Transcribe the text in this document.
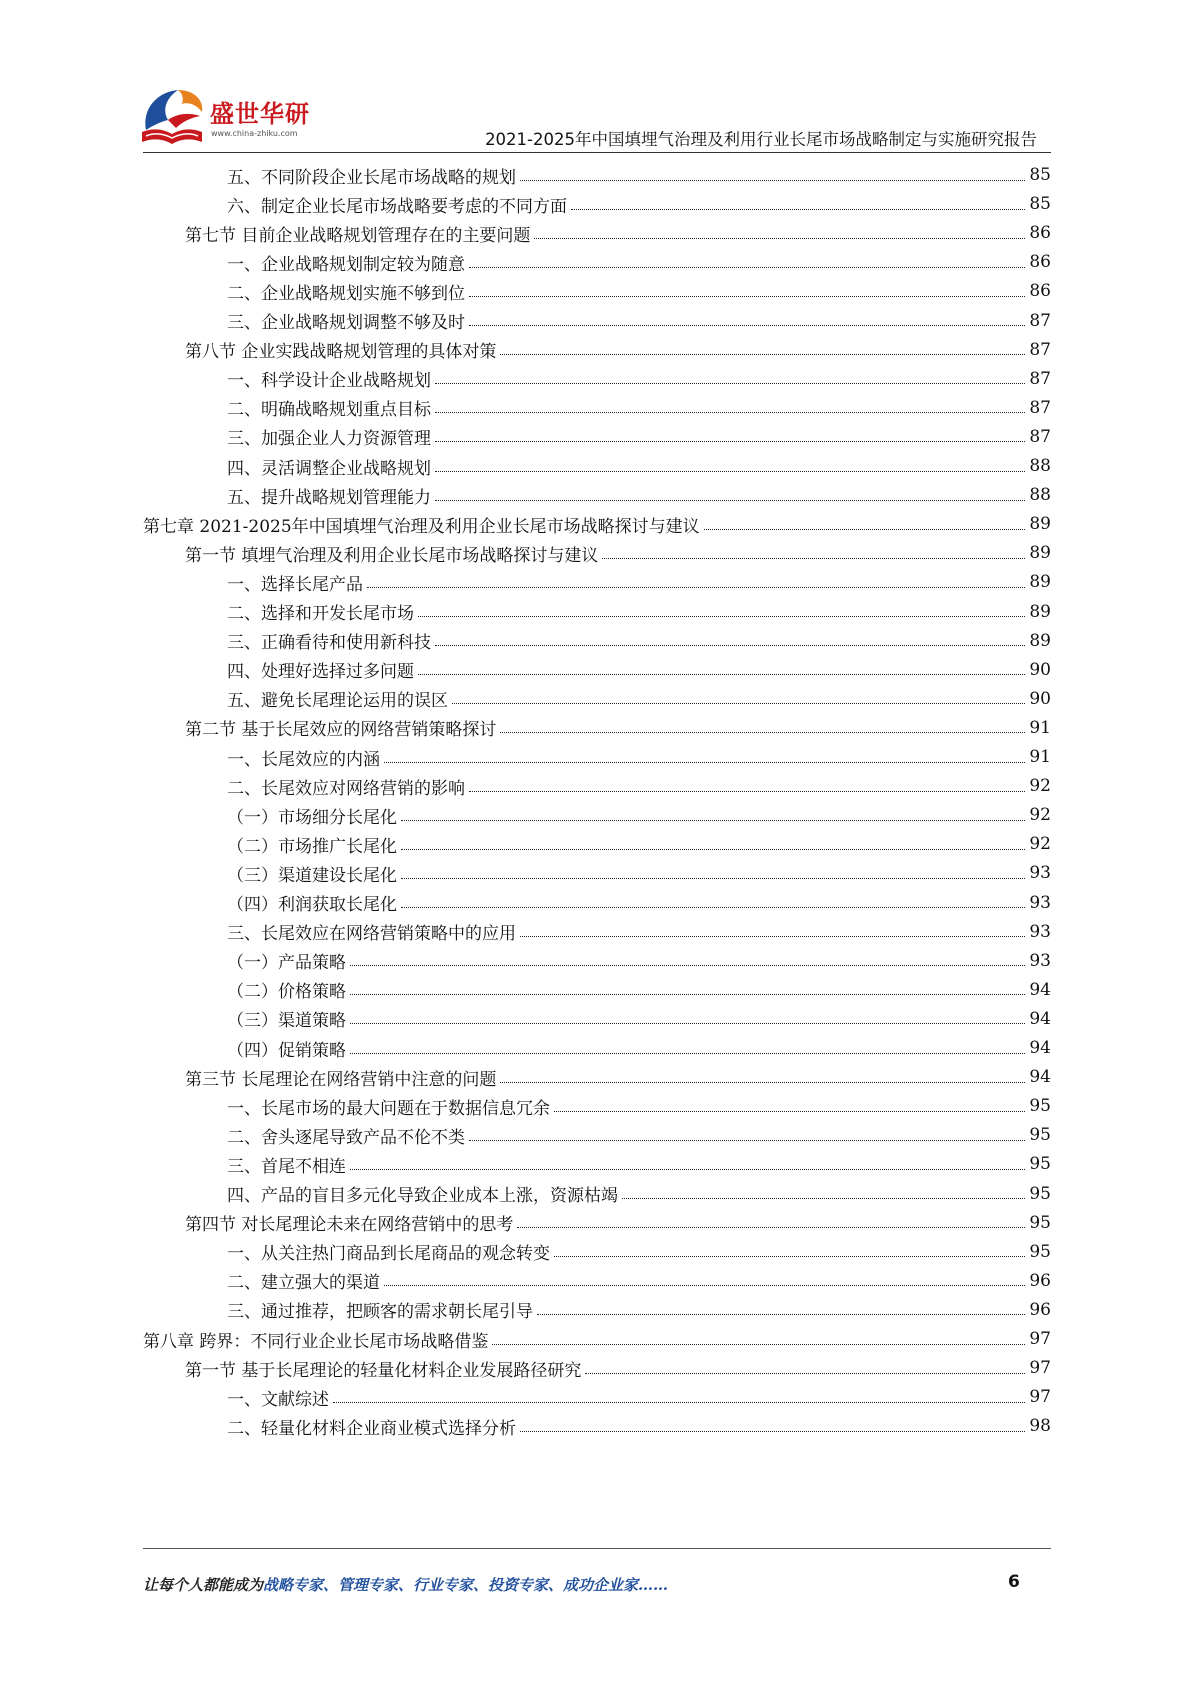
盛世华研
www.china-zhiku.com	2021-2025年中国填埋气治理及利用行业长尾市场战略制定与实施研究报告
五、不同阶段企业长尾市场战略的规划	85
六、制定企业长尾市场战略要考虑的不同方面	85
第七节 目前企业战略规划管理存在的主要问题	86
一、企业战略规划制定较为随意	86
二、企业战略规划实施不够到位	86
三、企业战略规划调整不够及时	87
第八节 企业实践战略规划管理的具体对策	87
一、科学设计企业战略规划	87
二、明确战略规划重点目标	87
三、加强企业人力资源管理	87
四、灵活调整企业战略规划	88
五、提升战略规划管理能力	88
第七章 2021-2025年中国填埋气治理及利用企业长尾市场战略探讨与建议	89
第一节 填埋气治理及利用企业长尾市场战略探讨与建议	89
一、选择长尾产品	89
二、选择和开发长尾市场	89
三、正确看待和使用新科技	89
四、处理好选择过多问题	90
五、避免长尾理论运用的误区	90
第二节 基于长尾效应的网络营销策略探讨	91
一、长尾效应的内涵	91
二、长尾效应对网络营销的影响	92
（一）市场细分长尾化	92
（二）市场推广长尾化	92
（三）渠道建设长尾化	93
（四）利润获取长尾化	93
三、长尾效应在网络营销策略中的应用	93
（一）产品策略	93
（二）价格策略	94
（三）渠道策略	94
（四）促销策略	94
第三节 长尾理论在网络营销中注意的问题	94
一、长尾市场的最大问题在于数据信息冗余	95
二、舍头逐尾导致产品不伦不类	95
三、首尾不相连	95
四、产品的盲目多元化导致企业成本上涨，资源枯竭	95
第四节 对长尾理论未来在网络营销中的思考	95
一、从关注热门商品到长尾商品的观念转变	95
二、建立强大的渠道	96
三、通过推荐，把顾客的需求朝长尾引导	96
第八章 跨界：不同行业企业长尾市场战略借鉴	97
第一节 基于长尾理论的轻量化材料企业发展路径研究	97
一、文献综述	97
二、轻量化材料企业商业模式选择分析	98
让每个人都能成为战略专家、管理专家、行业专家、投资专家、成功企业家……	6
